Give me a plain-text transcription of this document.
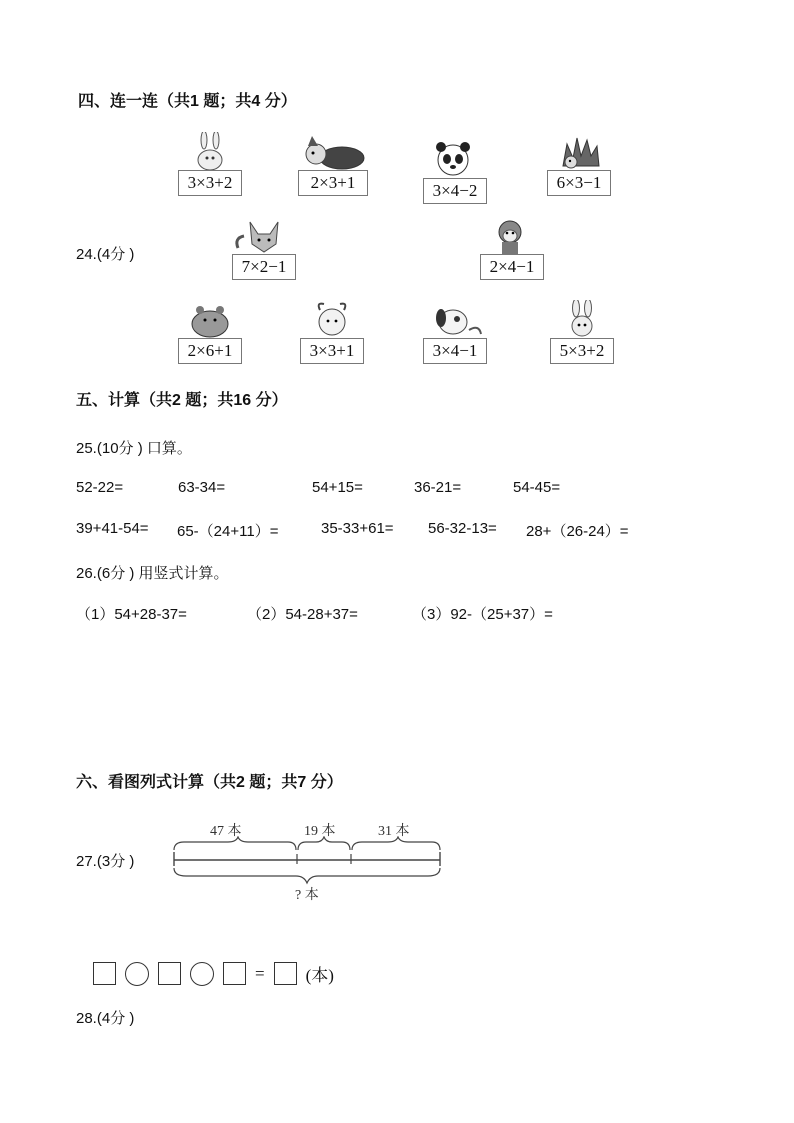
四、连一连（共1 题；共4 分）
24.(4分 )
3×3+2	2×3+1	3×4−2	6×3−1
7×2−1	2×4−1
2×6+1	3×3+1	3×4−1	5×3+2
五、计算（共2 题；共16 分）
25.(10分 ) 口算。
52-22=	63-34=	54+15=	36-21=	54-45=
39+41-54= 65-（24+11）=	35-33+61= 56-32-13= 28+（26-24）=
26.(6分 ) 用竖式计算。
（1）54+28-37=	（2）54-28+37=	（3）92-（25+37）=
六、看图列式计算（共2 题；共7 分）
27.(3分 )
47 本	19 本	31 本
? 本
= (本)
28.(4分 )
